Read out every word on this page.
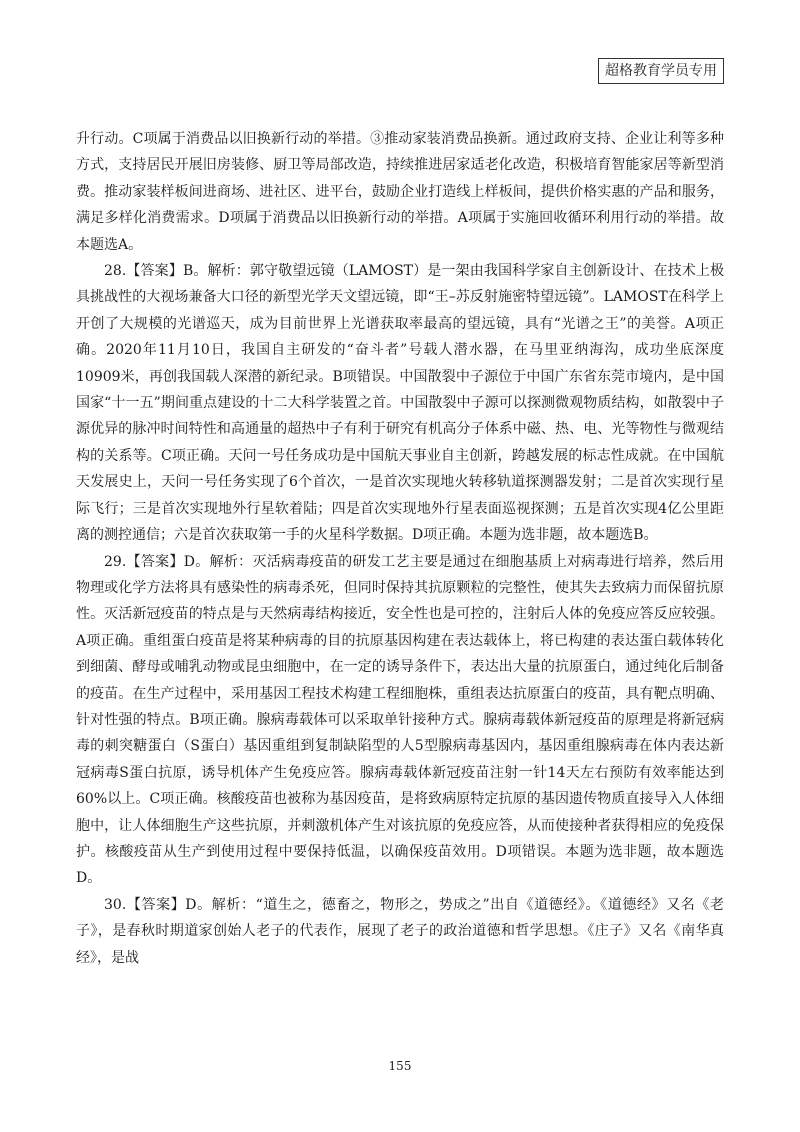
超格教育学员专用

升行动。C项属于消费品以旧换新行动的举措。③推动家装消费品换新。通过政府支持、企业让利等多种方式，支持居民开展旧房装修、厨卫等局部改造，持续推进居家适老化改造，积极培育智能家居等新型消费。推动家装样板间进商场、进社区、进平台，鼓励企业打造线上样板间，提供价格实惠的产品和服务，满足多样化消费需求。D项属于消费品以旧换新行动的举措。A项属于实施回收循环利用行动的举措。故本题选A。

28.【答案】B。解析：郭守敬望远镜（LAMOST）是一架由我国科学家自主创新设计、在技术上极具挑战性的大视场兼备大口径的新型光学天文望远镜，即“王–苏反射施密特望远镜”。LAMOST在科学上开创了大规模的光谱巡天，成为目前世界上光谱获取率最高的望远镜，具有“光谱之王”的美誉。A项正确。2020年11月10日，我国自主研发的“奋斗者”号载人潜水器，在马里亚纳海沟，成功坐底深度10909米，再创我国载人深潜的新纪录。B项错误。中国散裂中子源位于中国广东省东莞市境内，是中国国家“十一五”期间重点建设的十二大科学装置之首。中国散裂中子源可以探测微观物质结构，如散裂中子源优异的脉冲时间特性和高通量的超热中子有利于研究有机高分子体系中磁、热、电、光等物性与微观结构的关系等。C项正确。天问一号任务成功是中国航天事业自主创新，跨越发展的标志性成就。在中国航天发展史上，天问一号任务实现了6个首次，一是首次实现地火转移轨道探测器发射；二是首次实现行星际飞行；三是首次实现地外行星软着陆；四是首次实现地外行星表面巡视探测；五是首次实现4亿公里距离的测控通信；六是首次获取第一手的火星科学数据。D项正确。本题为选非题，故本题选B。

29.【答案】D。解析：灭活病毒疫苗的研发工艺主要是通过在细胞基质上对病毒进行培养，然后用物理或化学方法将具有感染性的病毒杀死，但同时保持其抗原颗粒的完整性，使其失去致病力而保留抗原性。灭活新冠疫苗的特点是与天然病毒结构接近，安全性也是可控的，注射后人体的免疫应答反应较强。A项正确。重组蛋白疫苗是将某种病毒的目的抗原基因构建在表达载体上，将已构建的表达蛋白载体转化到细菌、酵母或哺乳动物或昆虫细胞中，在一定的诱导条件下，表达出大量的抗原蛋白，通过纯化后制备的疫苗。在生产过程中，采用基因工程技术构建工程细胞株，重组表达抗原蛋白的疫苗，具有靶点明确、针对性强的特点。B项正确。腺病毒载体可以采取单针接种方式。腺病毒载体新冠疫苗的原理是将新冠病毒的刺突糖蛋白（S蛋白）基因重组到复制缺陷型的人5型腺病毒基因内，基因重组腺病毒在体内表达新冠病毒S蛋白抗原，诱导机体产生免疫应答。腺病毒载体新冠疫苗注射一针14天左右预防有效率能达到60%以上。C项正确。核酸疫苗也被称为基因疫苗，是将致病原特定抗原的基因遗传物质直接导入人体细胞中，让人体细胞生产这些抗原，并刺激机体产生对该抗原的免疫应答，从而使接种者获得相应的免疫保护。核酸疫苗从生产到使用过程中要保持低温，以确保疫苗效用。D项错误。本题为选非题，故本题选D。

30.【答案】D。解析：“道生之，德畜之，物形之，势成之”出自《道德经》。《道德经》又名《老子》，是春秋时期道家创始人老子的代表作，展现了老子的政治道德和哲学思想。《庄子》又名《南华真经》，是战

155
